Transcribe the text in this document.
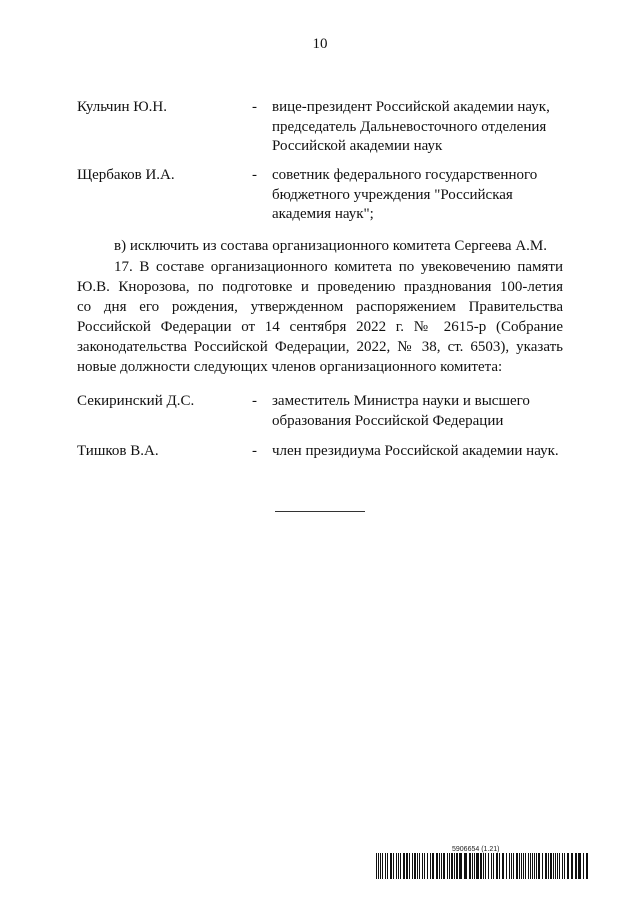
10
Кульчин Ю.Н.	- вице-президент Российской академии наук,
председатель Дальневосточного отделения
Российской академии наук
Щербаков И.А.	- советник федерального государственного
бюджетного учреждения "Российская
академия наук";
в) исключить из состава организационного комитета Сергеева А.М.
17. В составе организационного комитета по увековечению памяти
Ю.В. Кнорозова, по подготовке и проведению празднования 100-летия
со дня его рождения, утвержденном распоряжением Правительства
Российской Федерации от 14 сентября 2022 г. № 2615-р (Собрание
законодательства Российской Федерации, 2022, № 38, ст. 6503), указать
новые должности следующих членов организационного комитета:
Секиринский Д.С.	- заместитель Министра науки и высшего
образования Российской Федерации
Тишков В.А.	- член президиума Российской академии наук.
5906654 (1.21)
